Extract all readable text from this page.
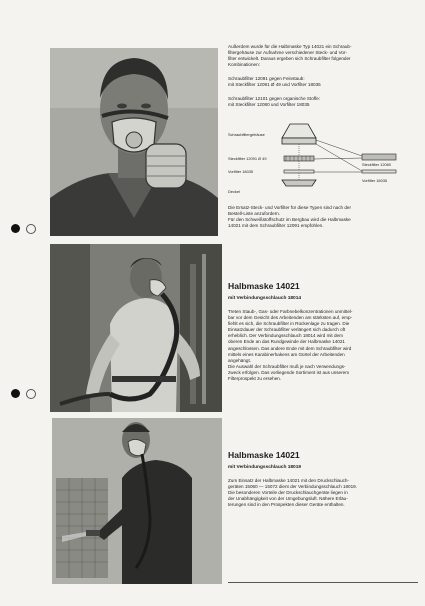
Außerdem wurde für die Halbmaske Typ 14021 ein Schraub-
filtergehäuse zur Aufnahme verschiedener Steck- und Vor-
filter entwickelt. Daraus ergeben sich Schraubfilter folgender
Kombinationen:
Schraubfilter 12091 gegen Feinstaub:
mit Steckfilter 12091 Ø 49 und Vorfilter 18035
Schraubfilter 12101 gegen organische Stoffe:
mit Steckfilter 12080 und Vorfilter 18035
Schraubfiltergehäuse
Steckfilter 12091 Ø 49
Vorfilter 18035
Deckel
Steckfilter 12080
Vorfilter 18035
Die Ersatz-Steck- und Vorfilter für diese Typen sind nach der
Bestell-Liste anzufordern.
Für den Schweißstoffschutz im Bergbau wird die Halbmaske
14021 mit dem Schraubfilter 12091 empfohlen.
Halbmaske 14021
mit Verbindungsschlauch 18014
Treten Staub-, Gas- oder Farbnebelkonzentrationen unmittel-
bar vor dem Gesicht des Arbeitenden am stärksten auf, emp-
fiehlt es sich, die Schraubfilter in Rückenlage zu tragen. Die
Einsatzdauer der Schraubfilter verlängert sich dadurch oft
erheblich. Der Verbindungsschlauch 18014 wird mit dem
oberen Ende an das Rundgewinde der Halbmaske 14021
angeschlossen. Das andere Ende mit dem Schraubfilter wird
mittels eines Karabinerhakens am Gürtel der Arbeitenden
angehängt.
Die Auswahl der Schraubfilter muß je nach Verwendungs-
zweck erfolgen. Das vorliegende Sortiment ist aus unserem
Filterprospekt zu ersehen.
Halbmaske 14021
mit Verbindungsschlauch 18019
Zum Einsatz der Halbmaske 14021 mit den Druckschlauch-
geräten 15060 — 15072 dient der Verbindungsschlauch 18019.
Die besonderen Vorteile der Druckschlauchgeräte liegen in
der Unabhängigkeit von der Umgebungsluft. Nähere Erläu-
terungen sind in den Prospekten dieser Geräte enthalten.
